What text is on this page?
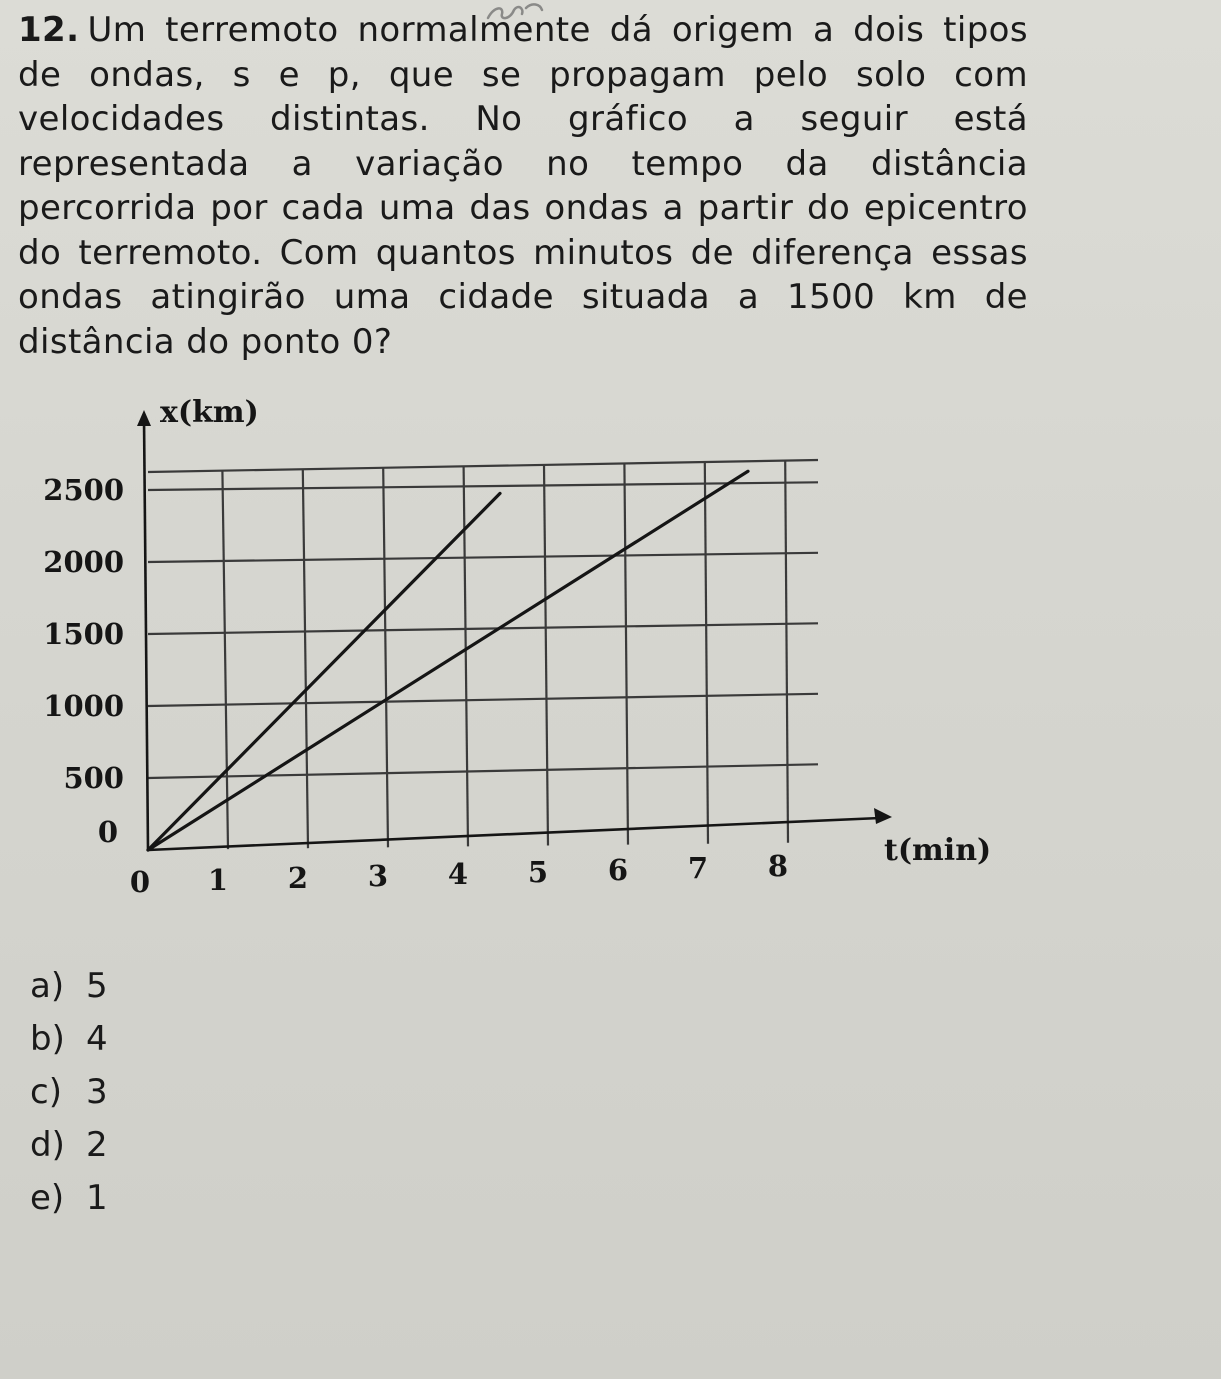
12. Um terremoto normalmente dá origem a dois tipos de ondas, s e p, que se propagam pelo solo com velocidades distintas. No gráfico a seguir está representada a variação no tempo da distância percorrida por cada uma das ondas a partir do epicentro do terremoto. Com quantos minutos de diferença essas ondas atingirão uma cidade situada a 1500 km de distância do ponto 0?

0
500
1000
1500
2000
2500
0 1 2 3 4 5 6 7 8
x(km)
t(min)
a) 5
b) 4
c) 3
d) 2
e) 1
